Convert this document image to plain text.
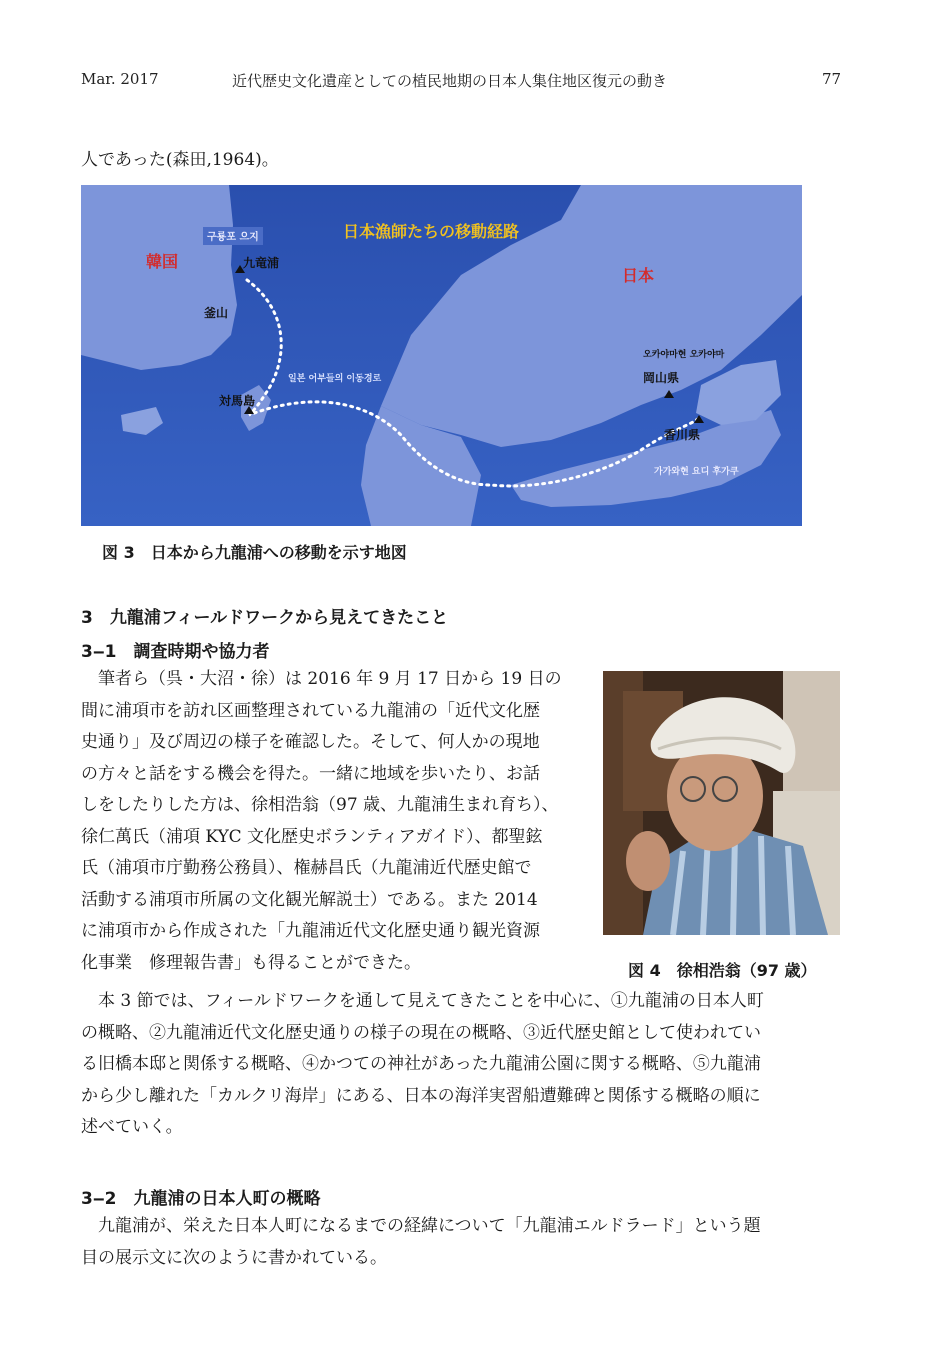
Mar. 2017	近代歴史文化遺産としての植民地期の日本人集住地区復元の動き	77
人であった(森田,1964)。
구룡포 으지	日本漁師たちの移動経路
韓国
日本
九竜浦
釜山
対馬島
일본 어부들의 이동경로
오카야마현 오카야마
岡山県
香川県
가가와현 요디 후가쿠
図 3　日本から九龍浦への移動を示す地図
3　九龍浦フィールドワークから見えてきたこと
3‒1　調査時期や協力者
　筆者ら（呉・大沼・徐）は 2016 年 9 月 17 日から 19 日の
間に浦項市を訪れ区画整理されている九龍浦の「近代文化歴
史通り」及び周辺の様子を確認した。そして、何人かの現地
の方々と話をする機会を得た。一緒に地域を歩いたり、お話
しをしたりした方は、徐相浩翁（97 歳、九龍浦生まれ育ち）、
徐仁萬氏（浦項 KYC 文化歴史ボランティアガイド）、都聖鉉
氏（浦項市庁勤務公務員）、権赫昌氏（九龍浦近代歴史館で
活動する浦項市所属の文化観光解説士）である。また 2014
に浦項市から作成された「九龍浦近代文化歴史通り観光資源
化事業　修理報告書」も得ることができた。	図 4　徐相浩翁（97 歳）
　本 3 節では、フィールドワークを通して見えてきたことを中心に、①九龍浦の日本人町
の概略、②九龍浦近代文化歴史通りの様子の現在の概略、③近代歴史館として使われてい
る旧橋本邸と関係する概略、④かつての神社があった九龍浦公園に関する概略、⑤九龍浦
から少し離れた「カルクリ海岸」にある、日本の海洋実習船遭難碑と関係する概略の順に
述べていく。
3‒2　九龍浦の日本人町の概略
　九龍浦が、栄えた日本人町になるまでの経緯について「九龍浦エルドラード」という題
目の展示文に次のように書かれている。
